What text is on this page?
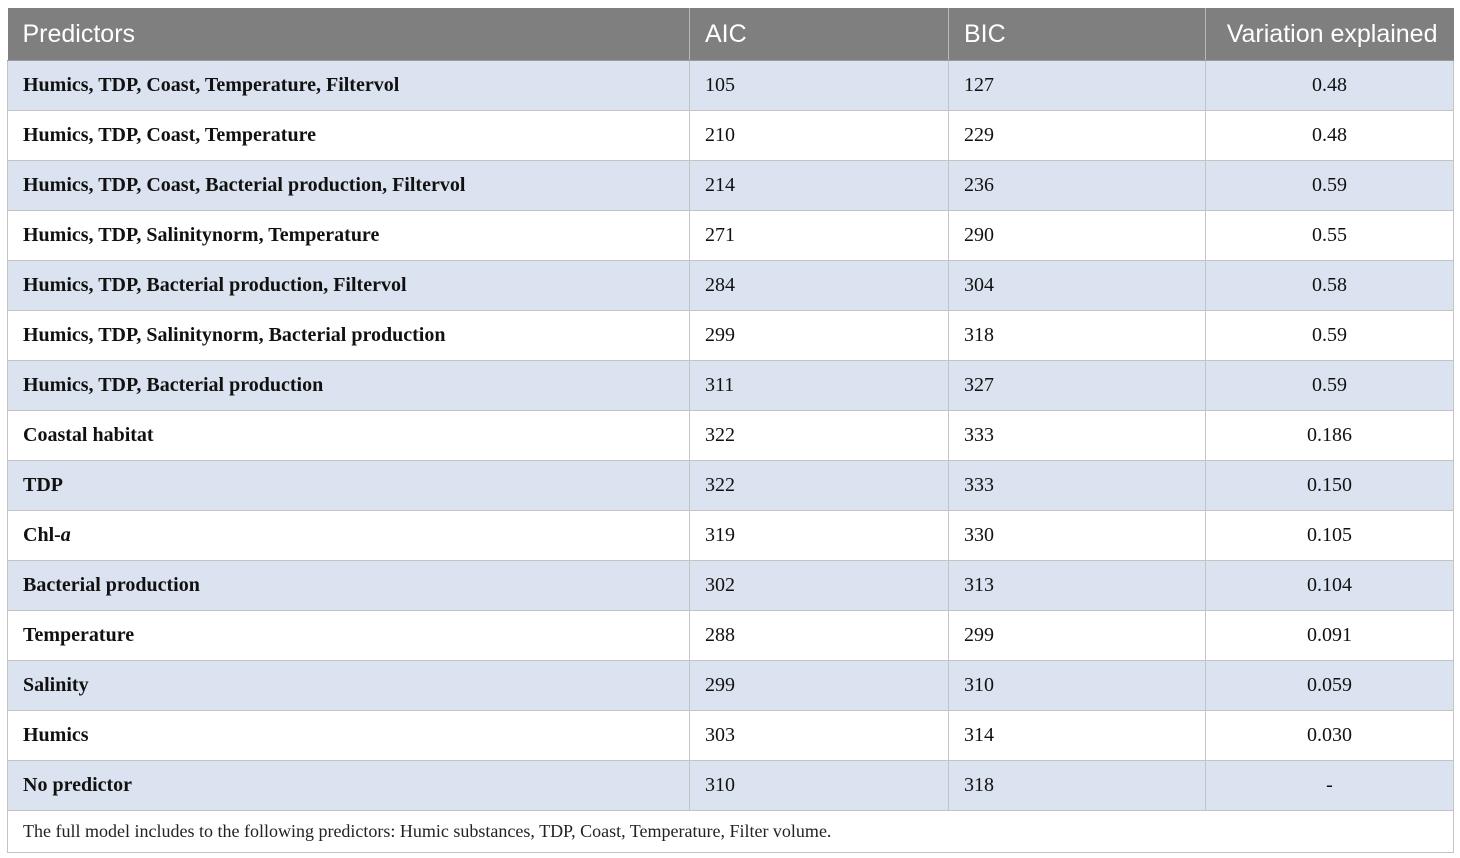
Predictors	AIC	BIC	Variation explained
Humics, TDP, Coast, Temperature, Filtervol	105	127	0.48
Humics, TDP, Coast, Temperature	210	229	0.48
Humics, TDP, Coast, Bacterial production, Filtervol	214	236	0.59
Humics, TDP, Salinitynorm, Temperature	271	290	0.55
Humics, TDP, Bacterial production, Filtervol	284	304	0.58
Humics, TDP, Salinitynorm, Bacterial production	299	318	0.59
Humics, TDP, Bacterial production	311	327	0.59
Coastal habitat	322	333	0.186
TDP	322	333	0.150
Chl-a	319	330	0.105
Bacterial production	302	313	0.104
Temperature	288	299	0.091
Salinity	299	310	0.059
Humics	303	314	0.030
No predictor	310	318	-
The full model includes to the following predictors: Humic substances, TDP, Coast, Temperature, Filter volume.			
